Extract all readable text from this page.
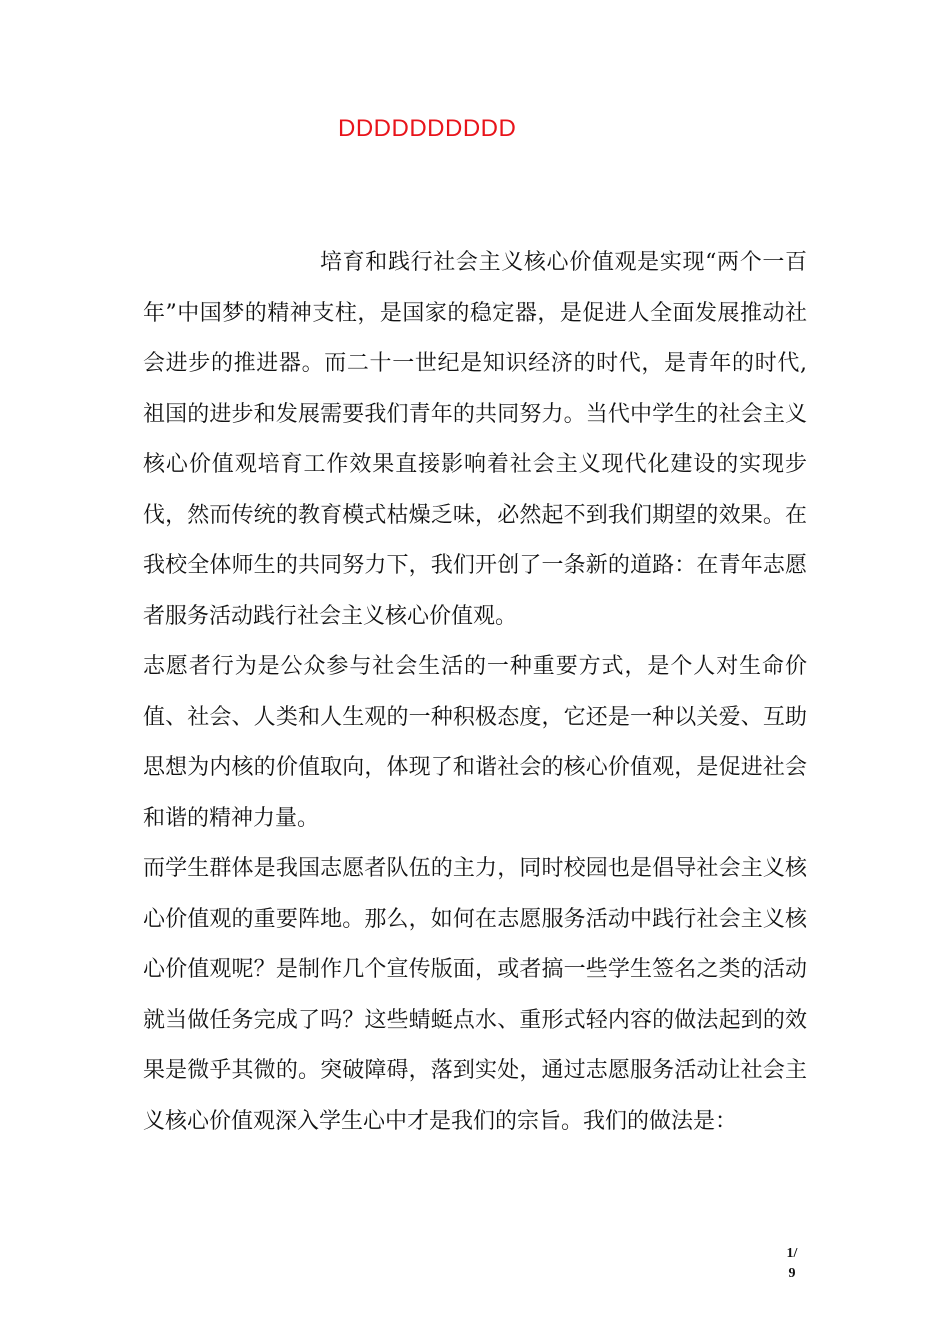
DDDDDDDDDD

培育和践行社会主义核心价值观是实现“两个一百年”中国梦的精神支柱，是国家的稳定器，是促进人全面发展推动社会进步的推进器。而二十一世纪是知识经济的时代，是青年的时代,祖国的进步和发展需要我们青年的共同努力。当代中学生的社会主义核心价值观培育工作效果直接影响着社会主义现代化建设的实现步伐，然而传统的教育模式枯燥乏味，必然起不到我们期望的效果。在我校全体师生的共同努力下，我们开创了一条新的道路：在青年志愿者服务活动践行社会主义核心价值观。

志愿者行为是公众参与社会生活的一种重要方式，是个人对生命价值、社会、人类和人生观的一种积极态度，它还是一种以关爱、互助思想为内核的价值取向，体现了和谐社会的核心价值观，是促进社会和谐的精神力量。

而学生群体是我国志愿者队伍的主力，同时校园也是倡导社会主义核心价值观的重要阵地。那么，如何在志愿服务活动中践行社会主义核心价值观呢？是制作几个宣传版面，或者搞一些学生签名之类的活动就当做任务完成了吗？这些蜻蜓点水、重形式轻内容的做法起到的效果是微乎其微的。突破障碍，落到实处，通过志愿服务活动让社会主义核心价值观深入学生心中才是我们的宗旨。我们的做法是：

1/
9
